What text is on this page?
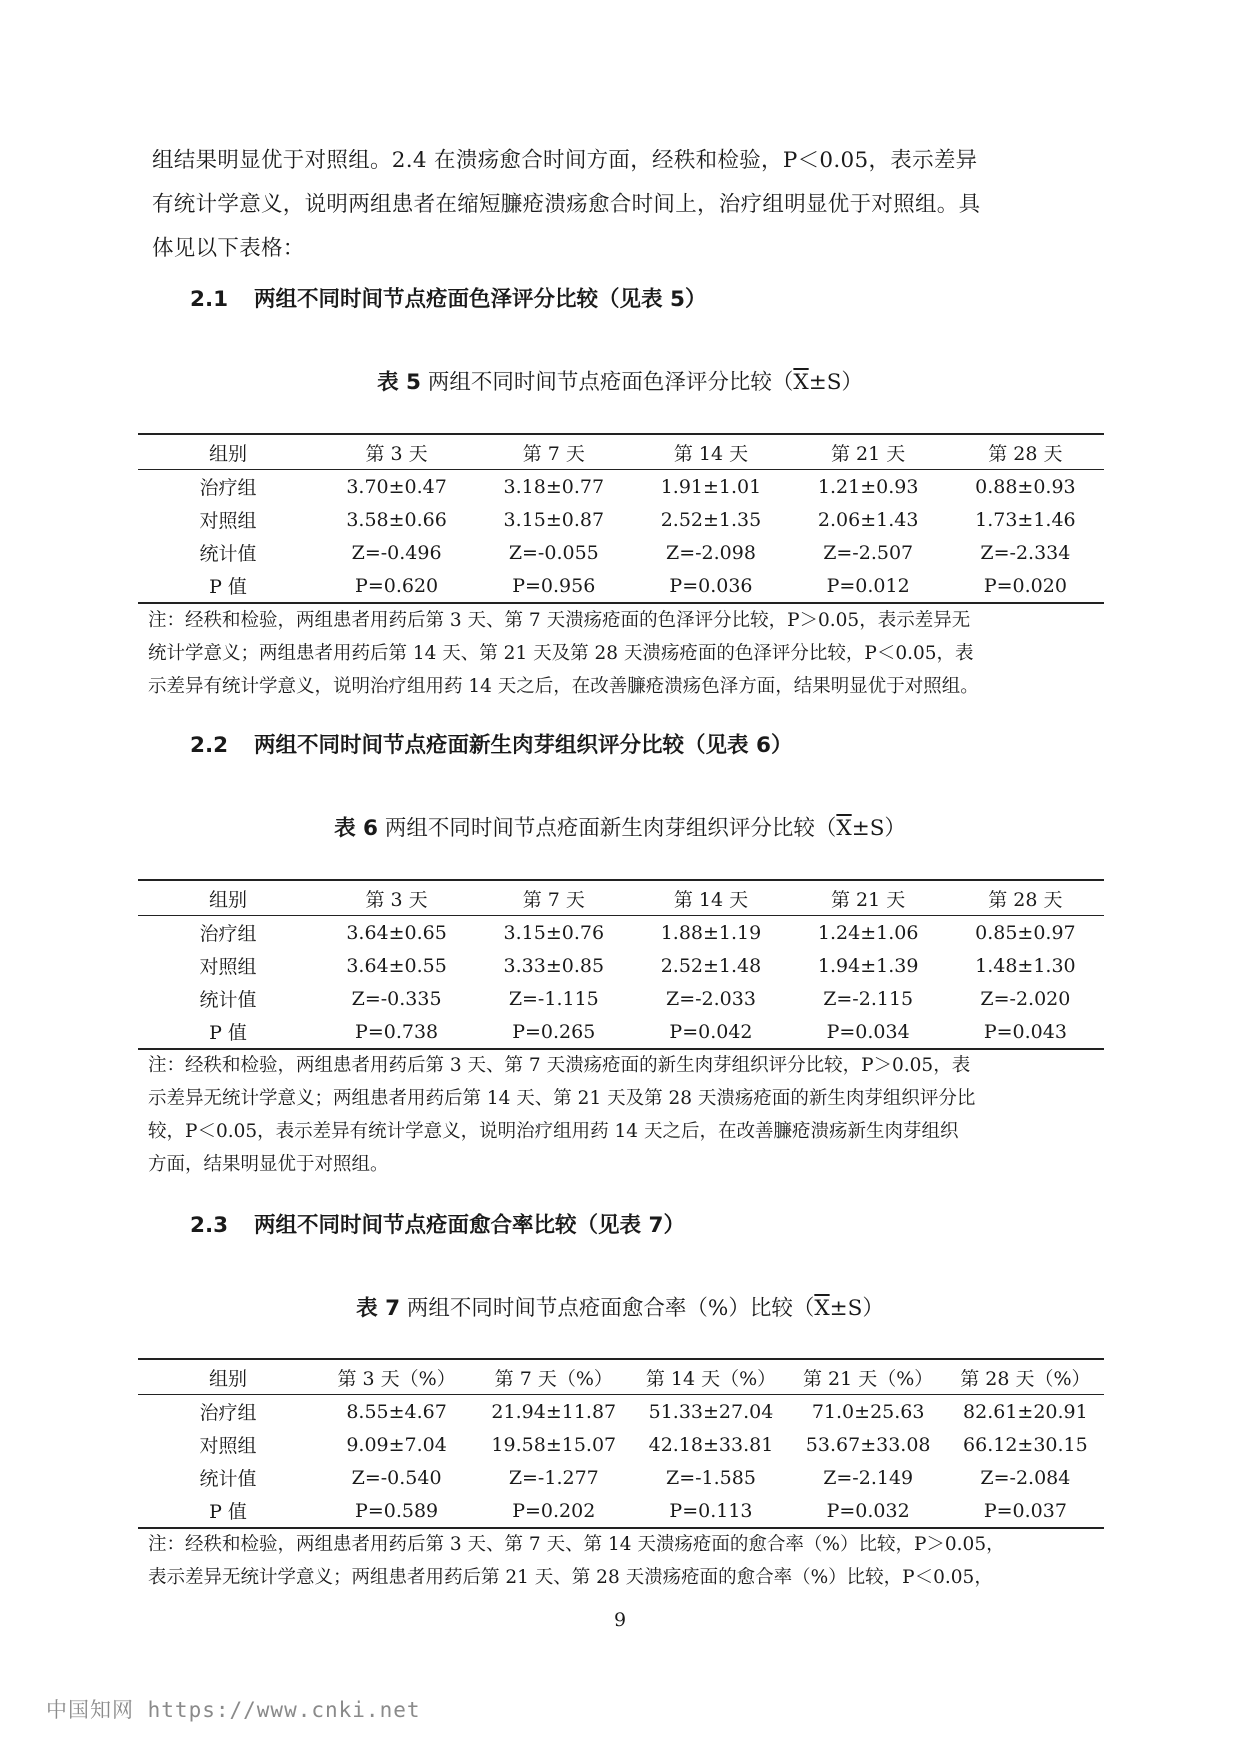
组结果明显优于对照组。2.4 在溃疡愈合时间方面，经秩和检验，P＜0.05，表示差异
有统计学意义，说明两组患者在缩短臁疮溃疡愈合时间上，治疗组明显优于对照组。具
体见以下表格：

2.1 两组不同时间节点疮面色泽评分比较（见表 5）

表 5 两组不同时间节点疮面色泽评分比较$(\overline{X}\pm S)$

组别	第 3 天	第 7 天	第 14 天	第 21 天	第 28 天
治疗组	3.70±0.47	3.18±0.77	1.91±1.01	1.21±0.93	0.88±0.93
对照组	3.58±0.66	3.15±0.87	2.52±1.35	2.06±1.43	1.73±1.46
统计值	Z=-0.496	Z=-0.055	Z=-2.098	Z=-2.507	Z=-2.334
P 值	P=0.620	P=0.956	P=0.036	P=0.012	P=0.020

注：经秩和检验，两组患者用药后第 3 天、第 7 天溃疡疮面的色泽评分比较，P＞0.05，表示差异无
统计学意义；两组患者用药后第 14 天、第 21 天及第 28 天溃疡疮面的色泽评分比较，P＜0.05，表
示差异有统计学意义，说明治疗组用药 14 天之后，在改善臁疮溃疡色泽方面，结果明显优于对照组。

2.2 两组不同时间节点疮面新生肉芽组织评分比较（见表 6）

表 6 两组不同时间节点疮面新生肉芽组织评分比较$(\overline{X}\pm S)$

组别	第 3 天	第 7 天	第 14 天	第 21 天	第 28 天
治疗组	3.64±0.65	3.15±0.76	1.88±1.19	1.24±1.06	0.85±0.97
对照组	3.64±0.55	3.33±0.85	2.52±1.48	1.94±1.39	1.48±1.30
统计值	Z=-0.335	Z=-1.115	Z=-2.033	Z=-2.115	Z=-2.020
P 值	P=0.738	P=0.265	P=0.042	P=0.034	P=0.043

注：经秩和检验，两组患者用药后第 3 天、第 7 天溃疡疮面的新生肉芽组织评分比较，P＞0.05，表
示差异无统计学意义；两组患者用药后第 14 天、第 21 天及第 28 天溃疡疮面的新生肉芽组织评分比
较，P＜0.05，表示差异有统计学意义，说明治疗组用药 14 天之后，在改善臁疮溃疡新生肉芽组织
方面，结果明显优于对照组。

2.3 两组不同时间节点疮面愈合率比较（见表 7）

表 7 两组不同时间节点疮面愈合率（%）比较$(\overline{X}\pm S)$

组别	第 3 天（%）	第 7 天（%）	第 14 天（%）	第 21 天（%）	第 28 天（%）
治疗组	8.55±4.67	21.94±11.87	51.33±27.04	71.0±25.63	82.61±20.91
对照组	9.09±7.04	19.58±15.07	42.18±33.81	53.67±33.08	66.12±30.15
统计值	Z=-0.540	Z=-1.277	Z=-1.585	Z=-2.149	Z=-2.084
P 值	P=0.589	P=0.202	P=0.113	P=0.032	P=0.037

注：经秩和检验，两组患者用药后第 3 天、第 7 天、第 14 天溃疡疮面的愈合率（%）比较，P＞0.05，
表示差异无统计学意义；两组患者用药后第 21 天、第 28 天溃疡疮面的愈合率（%）比较，P＜0.05，

9
中国知网 https://www.cnki.net
